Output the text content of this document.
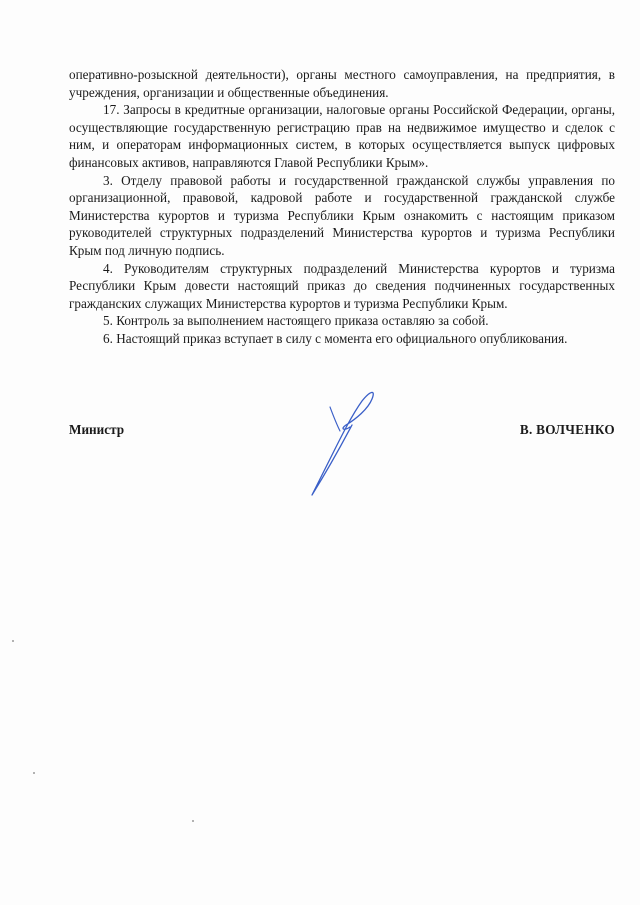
оперативно-розыскной деятельности), органы местного самоуправления, на предприятия, в учреждения, организации и общественные объединения.

17. Запросы в кредитные организации, налоговые органы Российской Федерации, органы, осуществляющие государственную регистрацию прав на недвижимое имущество и сделок с ним, и операторам информационных систем, в которых осуществляется выпуск цифровых финансовых активов, направляются Главой Республики Крым».

3. Отделу правовой работы и государственной гражданской службы управления по организационной, правовой, кадровой работе и государственной гражданской службе Министерства курортов и туризма Республики Крым ознакомить с настоящим приказом руководителей структурных подразделений Министерства курортов и туризма Республики Крым под личную подпись.

4. Руководителям структурных подразделений Министерства курортов и туризма Республики Крым довести настоящий приказ до сведения подчиненных государственных гражданских служащих Министерства курортов и туризма Республики Крым.

5. Контроль за выполнением настоящего приказа оставляю за собой.

6. Настоящий приказ вступает в силу с момента его официального опубликования.

Министр	В. ВОЛЧЕНКО
